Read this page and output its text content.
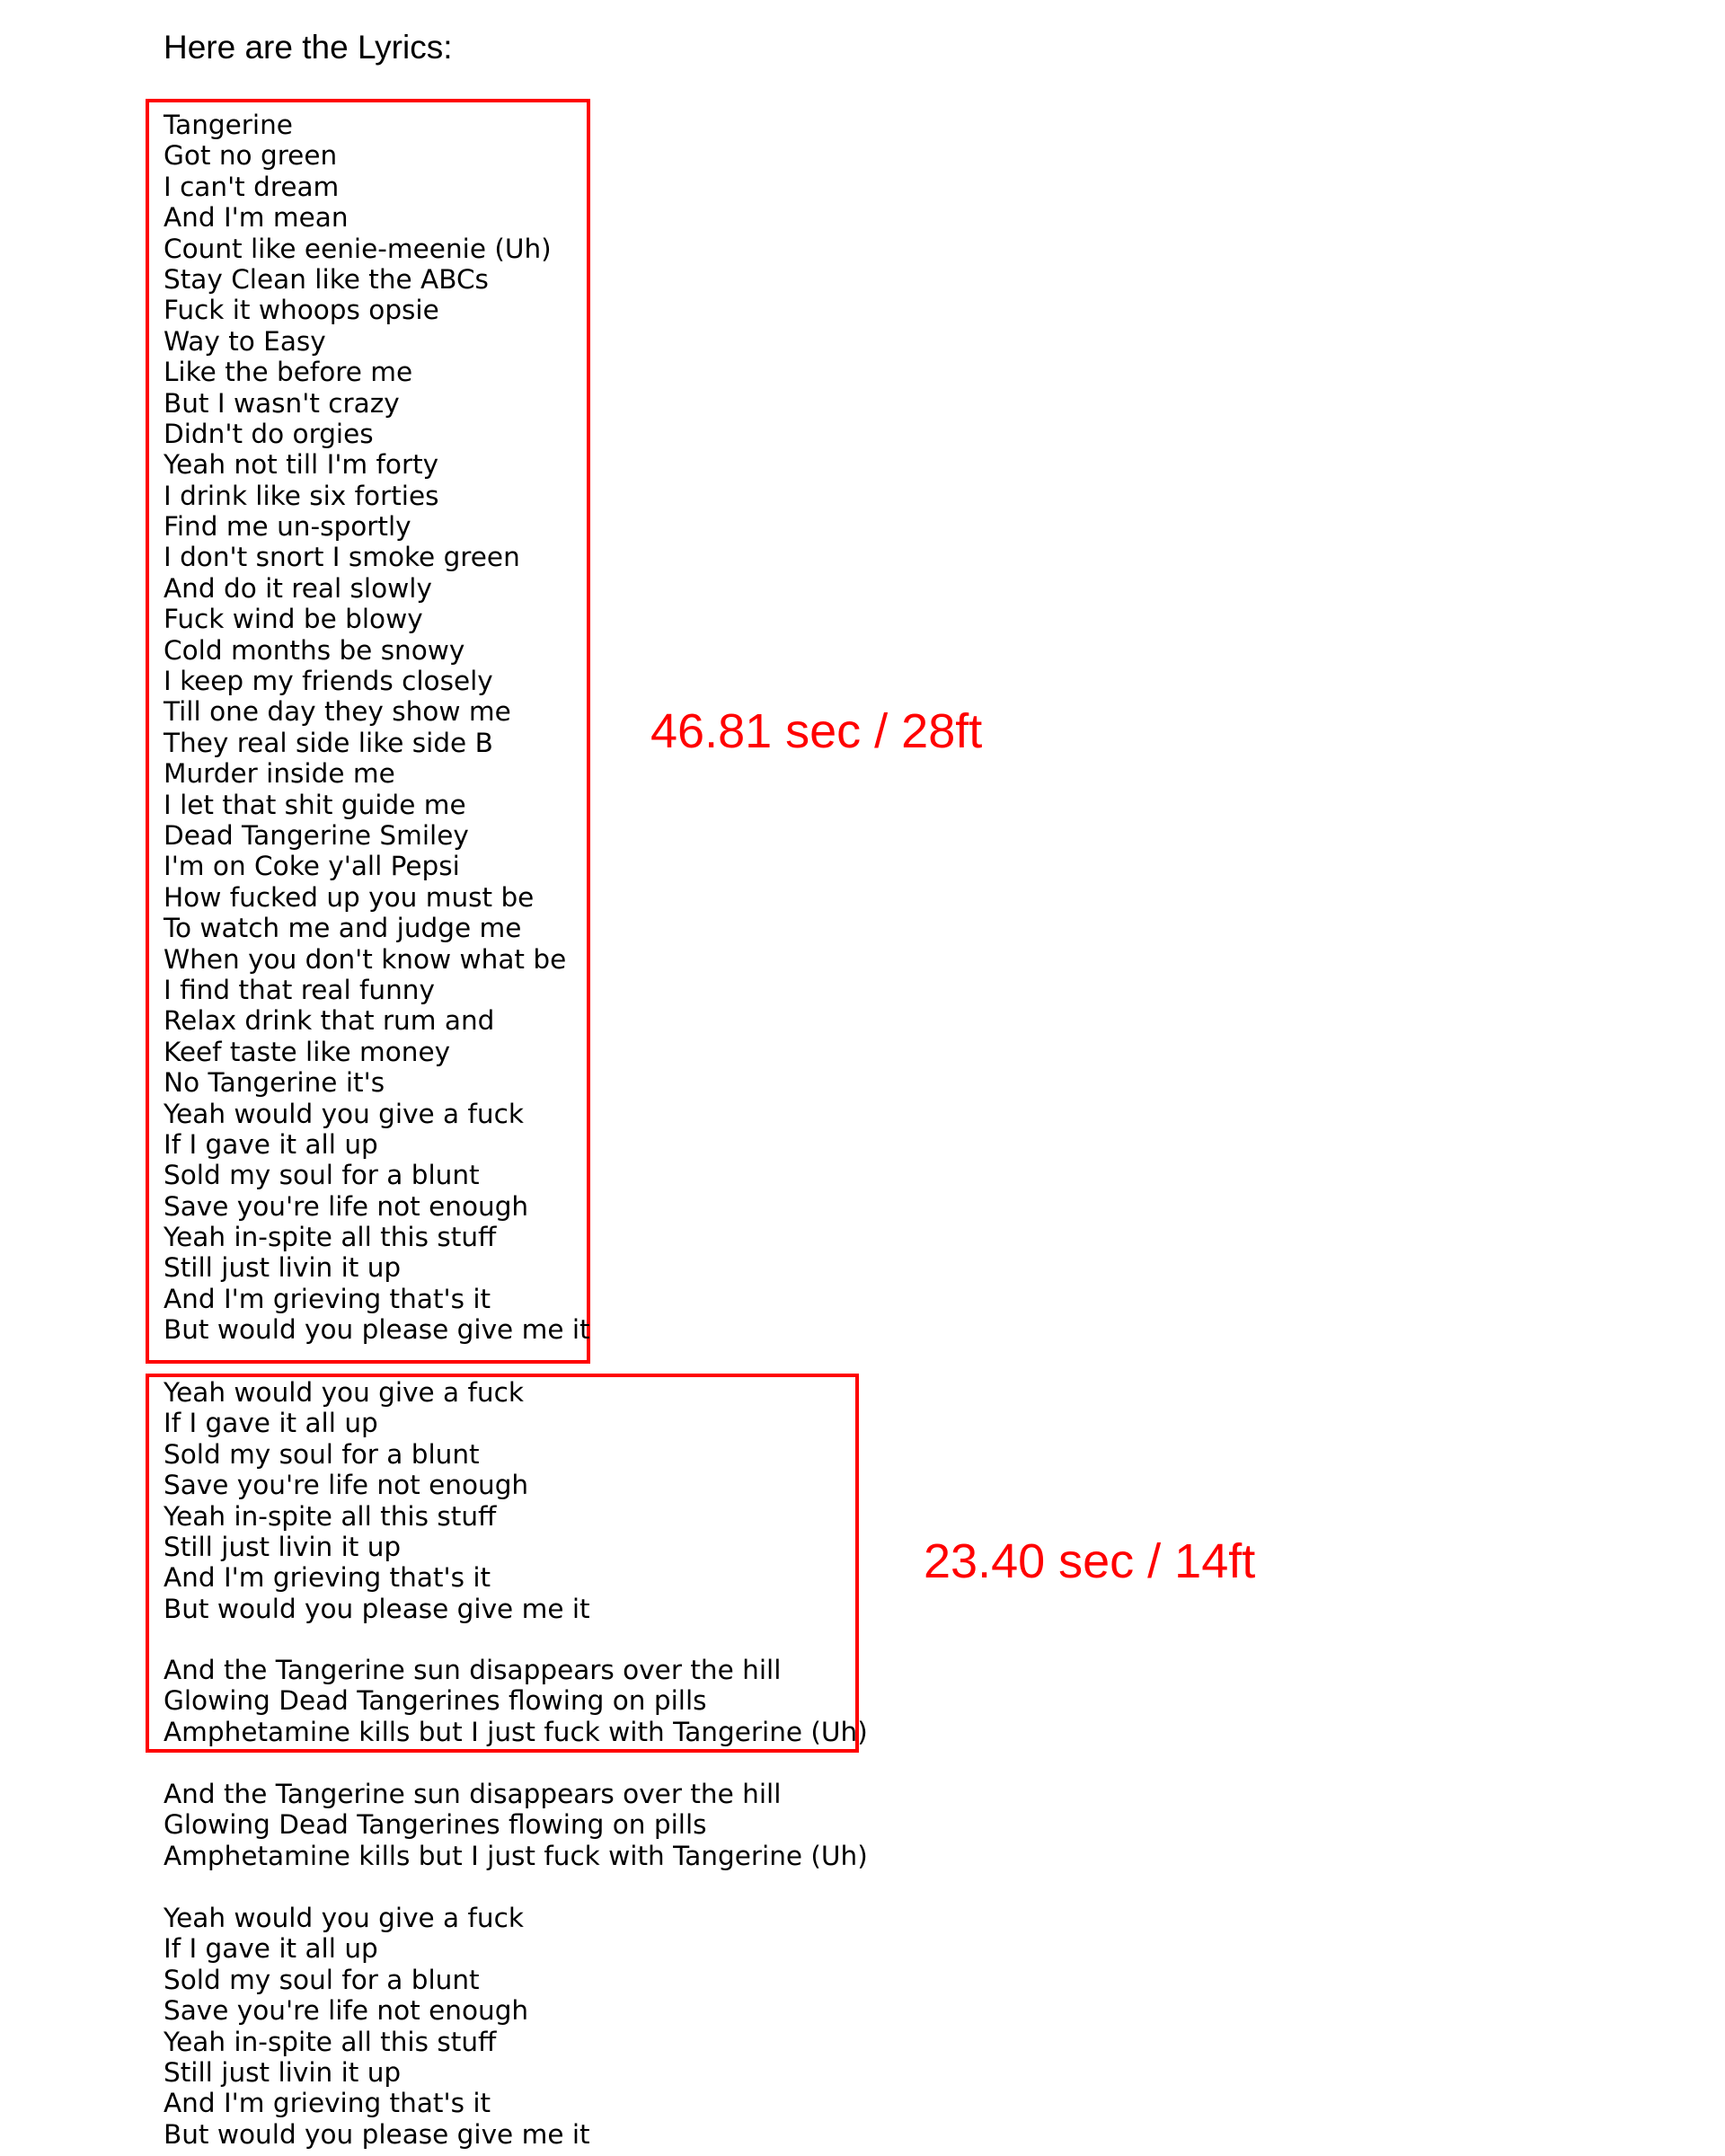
Here are the Lyrics:
46.81 sec / 28ft
23.40 sec / 14ft
Tangerine
Got no green
I can't dream
And I'm mean
Count like eenie-meenie (Uh)
Stay Clean like the ABCs
Fuck it whoops opsie
Way to Easy
Like the before me
But I wasn't crazy
Didn't do orgies
Yeah not till I'm forty
I drink like six forties
Find me un-sportly
I don't snort I smoke green
And do it real slowly
Fuck wind be blowy
Cold months be snowy
I keep my friends closely
Till one day they show me
They real side like side B
Murder inside me
I let that shit guide me
Dead Tangerine Smiley
I'm on Coke y'all Pepsi
How fucked up you must be
To watch me and judge me
When you don't know what be
I find that real funny
Relax drink that rum and
Keef taste like money
No Tangerine it's
Yeah would you give a fuck
If I gave it all up
Sold my soul for a blunt
Save you're life not enough
Yeah in-spite all this stuff
Still just livin it up
And I'm grieving that's it
But would you please give me it
Yeah would you give a fuck
If I gave it all up
Sold my soul for a blunt
Save you're life not enough
Yeah in-spite all this stuff
Still just livin it up
And I'm grieving that's it
But would you please give me it
And the Tangerine sun disappears over the hill
Glowing Dead Tangerines flowing on pills
Amphetamine kills but I just fuck with Tangerine (Uh)
And the Tangerine sun disappears over the hill
Glowing Dead Tangerines flowing on pills
Amphetamine kills but I just fuck with Tangerine (Uh)
Yeah would you give a fuck
If I gave it all up
Sold my soul for a blunt
Save you're life not enough
Yeah in-spite all this stuff
Still just livin it up
And I'm grieving that's it
But would you please give me it
